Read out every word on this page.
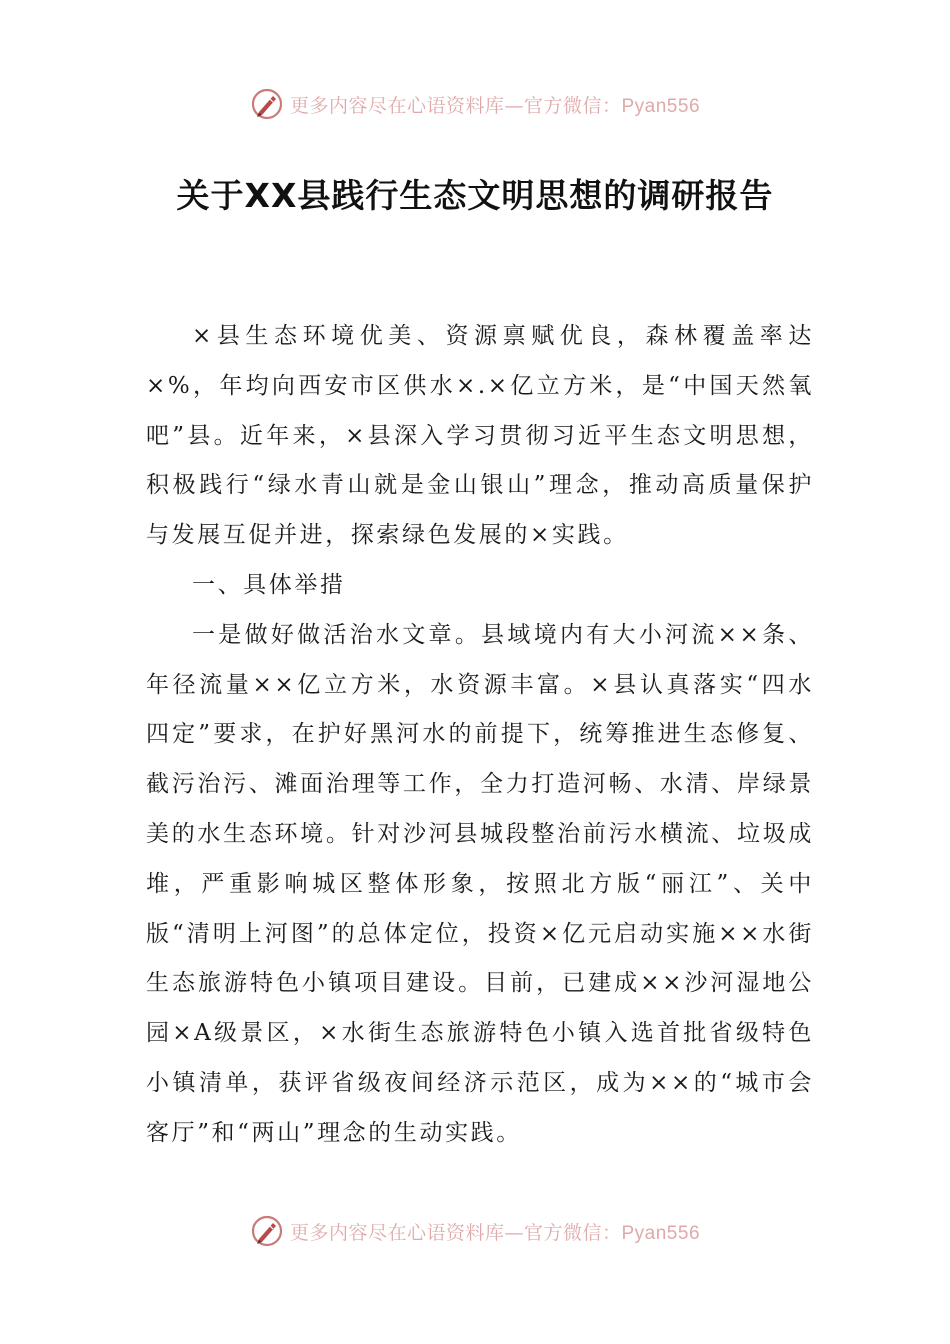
更多内容尽在心语资料库—官方微信：Pyan556
关于XX县践行生态文明思想的调研报告

×县生态环境优美、资源禀赋优良，森林覆盖率达×%，年均向西安市区供水×.×亿立方米，是“中国天然氧吧”县。近年来，×县深入学习贯彻习近平生态文明思想，积极践行“绿水青山就是金山银山”理念，推动高质量保护与发展互促并进，探索绿色发展的×实践。

一、具体举措

一是做好做活治水文章。县域境内有大小河流××条、年径流量××亿立方米，水资源丰富。×县认真落实“四水四定”要求，在护好黑河水的前提下，统筹推进生态修复、截污治污、滩面治理等工作，全力打造河畅、水清、岸绿景美的水生态环境。针对沙河县城段整治前污水横流、垃圾成堆，严重影响城区整体形象，按照北方版“丽江”、关中版“清明上河图”的总体定位，投资×亿元启动实施××水街生态旅游特色小镇项目建设。目前，已建成××沙河湿地公园×A级景区，×水街生态旅游特色小镇入选首批省级特色小镇清单，获评省级夜间经济示范区，成为××的“城市会客厅”和“两山”理念的生动实践。

更多内容尽在心语资料库—官方微信：Pyan556
